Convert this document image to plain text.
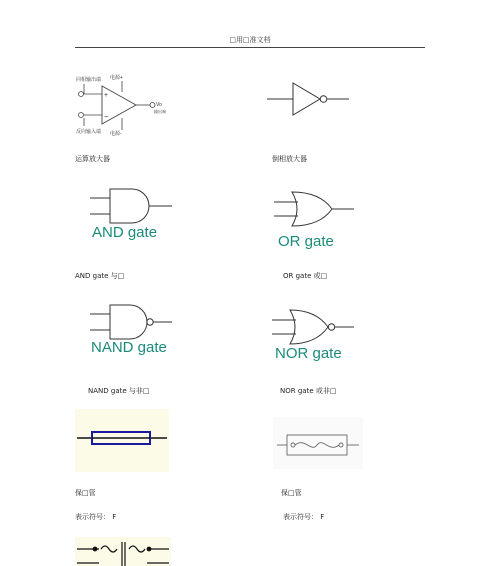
□用□准文档
同相输出端 电源+
+
−
Vo
输出端
反向输入端 电源-
运算放大器	倒相放大器
AND gate
AND gate 与□
OR gate
OR gate 或□
NAND gate
NAND gate 与非□
NOR gate
NOR gate 或非□
保□管
表示符号： F
保□管
表示符号： F
